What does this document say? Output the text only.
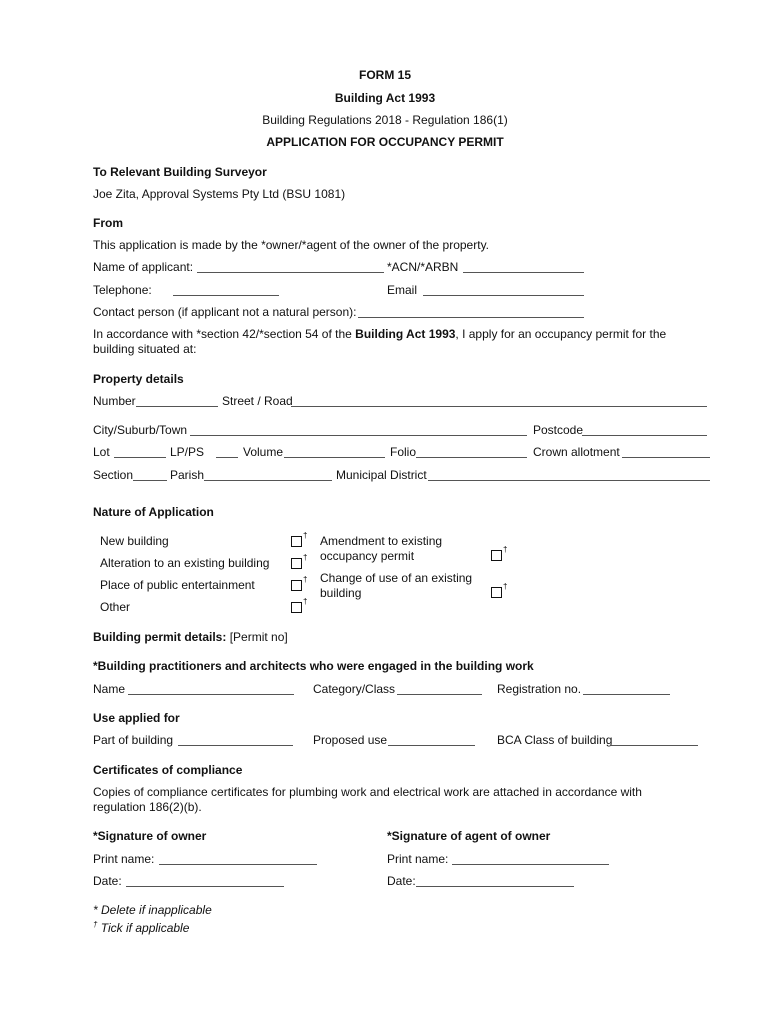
FORM 15
Building Act 1993
Building Regulations 2018 - Regulation 186(1)
APPLICATION FOR OCCUPANCY PERMIT
To Relevant Building Surveyor
Joe Zita, Approval Systems Pty Ltd (BSU 1081)
From
This application is made by the *owner/*agent of the owner of the property.
Name of applicant:	*ACN/*ARBN
Telephone:	Email
Contact person (if applicant not a natural person):
In accordance with *section 42/*section 54 of the Building Act 1993, I apply for an occupancy permit for the
building situated at:
Property details
Number	Street / Road
City/Suburb/Town	Postcode
Lot	LP/PS	Volume	Folio	Crown allotment
Section	Parish	Municipal District
Nature of Application
New building	†
Alteration to an existing building	†
Place of public entertainment	†
Other	†
Amendment to existing
occupancy permit	†
Change of use of an existing
building	†
Building permit details: [Permit no]
*Building practitioners and architects who were engaged in the building work
Name	Category/Class	Registration no.
Use applied for
Part of building	Proposed use	BCA Class of building
Certificates of compliance
Copies of compliance certificates for plumbing work and electrical work are attached in accordance with
regulation 186(2)(b).
*Signature of owner	*Signature of agent of owner
Print name:	Print name:
Date:	Date:
* Delete if inapplicable
† Tick if applicable
